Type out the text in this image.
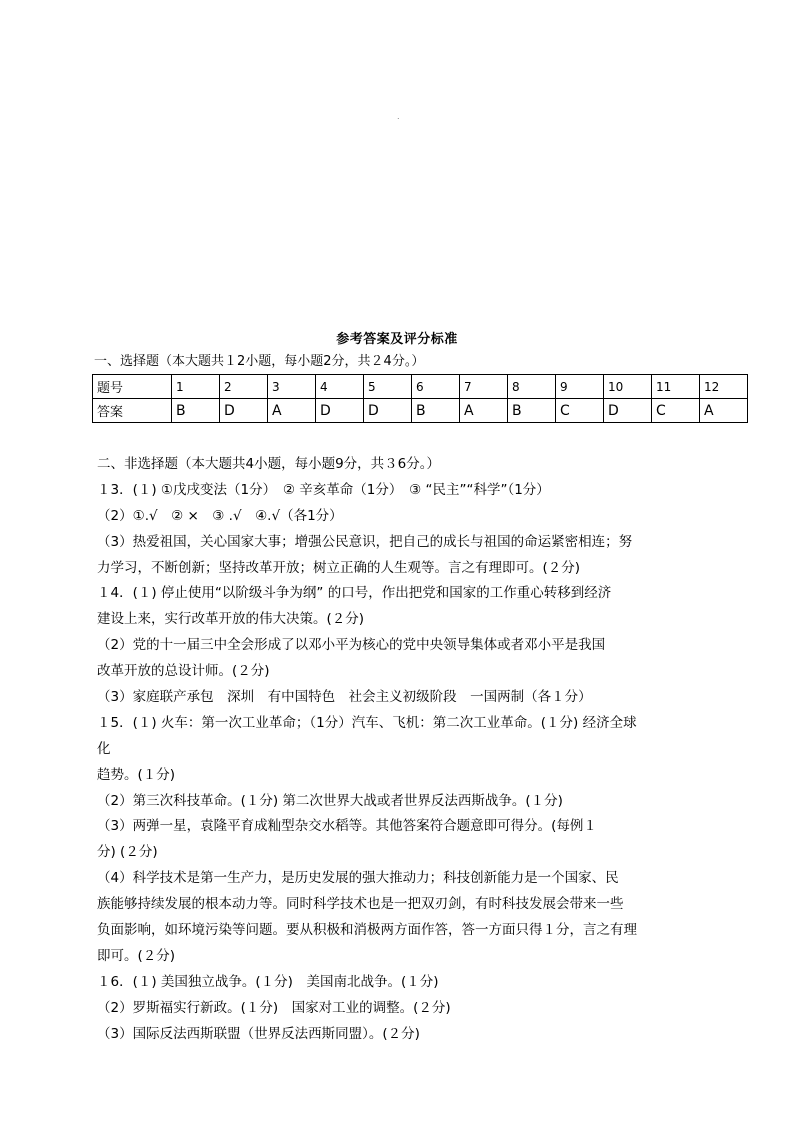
.
参考答案及评分标准
一、选择题（本大题共１2小题，每小题2分，共２4分。）
题号	1	2	3	4	5	6	7	8	9	10	11	12
答案	B	D	A	D	D	B	A	B	C	D	C	A
二、非选择题（本大题共4小题，每小题9分，共３6分。）
１3．(１) ①戊戌变法（1分）　② 辛亥革命（1分）　③ “民主”“科学”（1分）
（2）①.√　② ×　③ .√　④.√（各1分）
（3）热爱祖国，关心国家大事；增强公民意识，把自己的成长与祖国的命运紧密相连；努
力学习，不断创新；坚持改革开放；树立正确的人生观等。言之有理即可。(２分)
１4．(１) 停止使用“以阶级斗争为纲” 的口号，作出把党和国家的工作重心转移到经济
建设上来，实行改革开放的伟大决策。(２分)
（2）党的十一届三中全会形成了以邓小平为核心的党中央领导集体或者邓小平是我国
改革开放的总设计师。(２分)
（3）家庭联产承包　深圳　有中国特色　社会主义初级阶段　一国两制（各１分）
１5．(１) 火车：第一次工业革命；（1分）汽车、飞机：第二次工业革命。(１分) 经济全球
化
趋势。(１分)
（2）第三次科技革命。(１分) 第二次世界大战或者世界反法西斯战争。(１分)
（3）两弹一星，袁隆平育成籼型杂交水稻等。其他答案符合题意即可得分。(每例１
分) (２分)
（4）科学技术是第一生产力，是历史发展的强大推动力；科技创新能力是一个国家、民
族能够持续发展的根本动力等。同时科学技术也是一把双刃剑，有时科技发展会带来一些
负面影响，如环境污染等问题。要从积极和消极两方面作答，答一方面只得１分，言之有理
即可。(２分)
１6．(１) 美国独立战争。(１分)　美国南北战争。(１分)
（2）罗斯福实行新政。(１分)　国家对工业的调整。(２分)
（3）国际反法西斯联盟（世界反法西斯同盟）。(２分)
